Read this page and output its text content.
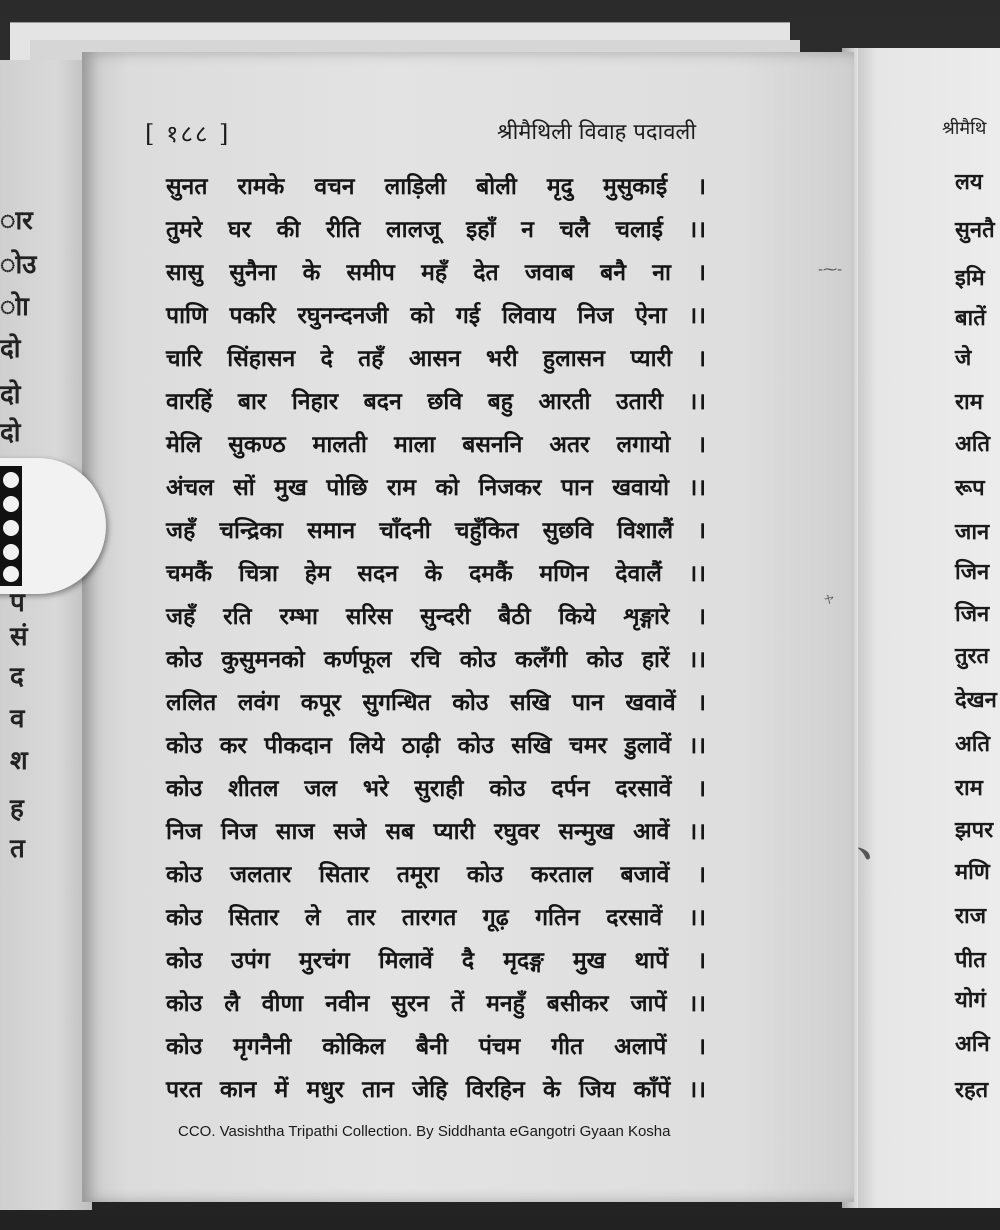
श्रीमैथि
[ १८८ ]	श्रीमैथिली विवाह पदावली
सुनत रामके वचन लाड़िली बोली मृदु मुसुकाई ।
तुमरे घर की रीति लालजू इहाँ न चलै चलाई ।।
सासु सुनैना के समीप महँ देत जवाब बनै ना ।
पाणि पकरि रघुनन्दनजी को गई लिवाय निज ऐना ।।
चारि सिंहासन दे तहँ आसन भरी हुलासन प्यारी ।
वारहिं बार निहार बदन छवि बहु आरती उतारी ।।
मेलि सुकण्ठ मालती माला बसननि अतर लगायो ।
अंचल सों मुख पोछि राम को निजकर पान खवायो ।।
जहँ चन्द्रिका समान चाँदनी चहुँकित सुछवि विशालैं ।
चमकैं चित्रा हेम सदन के दमकैं मणिन देवालैं ।।
जहँ रति रम्भा सरिस सुन्दरी बैठी किये शृङ्गारे ।
कोउ कुसुमनको कर्णफूल रचि कोउ कलँगी कोउ हारें ।।
ललित लवंग कपूर सुगन्धित कोउ सखि पान खवावें ।
कोउ कर पीकदान लिये ठाढ़ी कोउ सखि चमर डुलावें ।।
कोउ शीतल जल भरे सुराही कोउ दर्पन दरसावें ।
निज निज साज सजे सब प्यारी रघुवर सन्मुख आवें ।।
कोउ जलतार सितार तमूरा कोउ करताल बजावें ।
कोउ सितार ले तार तारगत गूढ़ गतिन दरसावें ।।
कोउ उपंग मुरचंग मिलावें दै मृदङ्ग मुख थापें ।
कोउ लै वीणा नवीन सुरन तें मनहुँ बसीकर जापें ।।
कोउ मृगनैनी कोकिल बैनी पंचम गीत अलापें ।
परत कान में मधुर तान जेहि विरहिन के जिय काँपें ।।
‑⁓‑
ャ
﹅
CCO. Vasishtha Tripathi Collection. By Siddhanta eGangotri Gyaan Kosha
लय
सुनतै
इमि
बातें
जे
राम
अति
रूप
जान
जिन
जिन
तुरत
देखन
अति
राम
झपर
मणि
राज
पीत
योगं
अनि
रहत
ार
ोउ
ोा
दो
दो
दो
प
सं
द
व
श
ह
त
